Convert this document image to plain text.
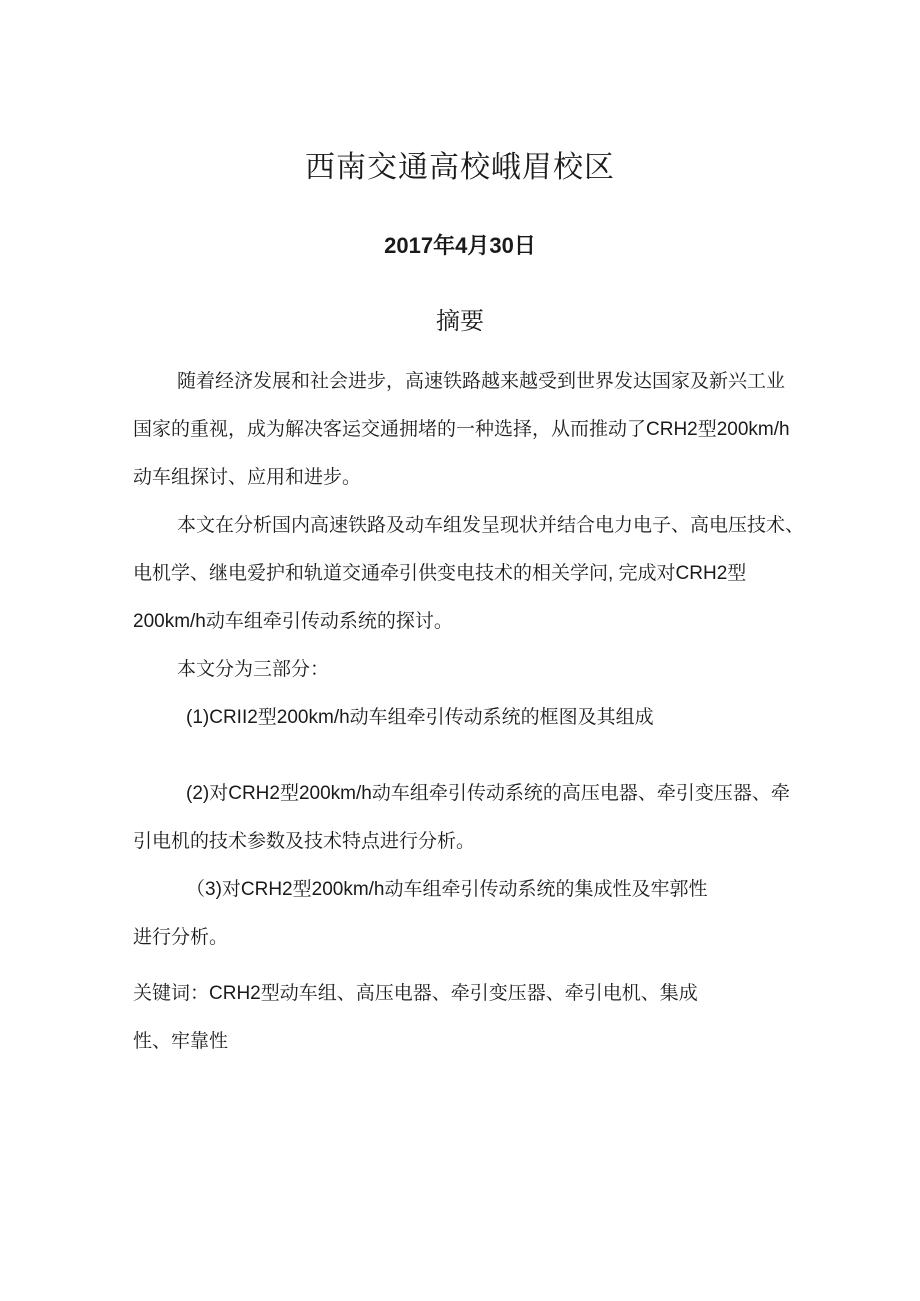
西南交通高校峨眉校区
2017年4月30日
摘要
随着经济发展和社会进步，高速铁路越来越受到世界发达国家及新兴工业
国家的重视，成为解决客运交通拥堵的一种选择，从而推动了CRH2型200km/h
动车组探讨、应用和进步。
本文在分析国内高速铁路及动车组发呈现状并结合电力电子、高电压技术、
电机学、继电爱护和轨道交通牵引供变电技术的相关学问, 完成对CRH2型
200km/h动车组牵引传动系统的探讨。
本文分为三部分：
(1)CRII2型200km/h动车组牵引传动系统的框图及其组成
(2)对CRH2型200km/h动车组牵引传动系统的高压电器、牵引变压器、牵
引电机的技术参数及技术特点进行分析。
（3)对CRH2型200km/h动车组牵引传动系统的集成性及牢郭性
进行分析。
关键词：CRH2型动车组、高压电器、牵引变压器、牵引电机、集成
性、牢靠性
